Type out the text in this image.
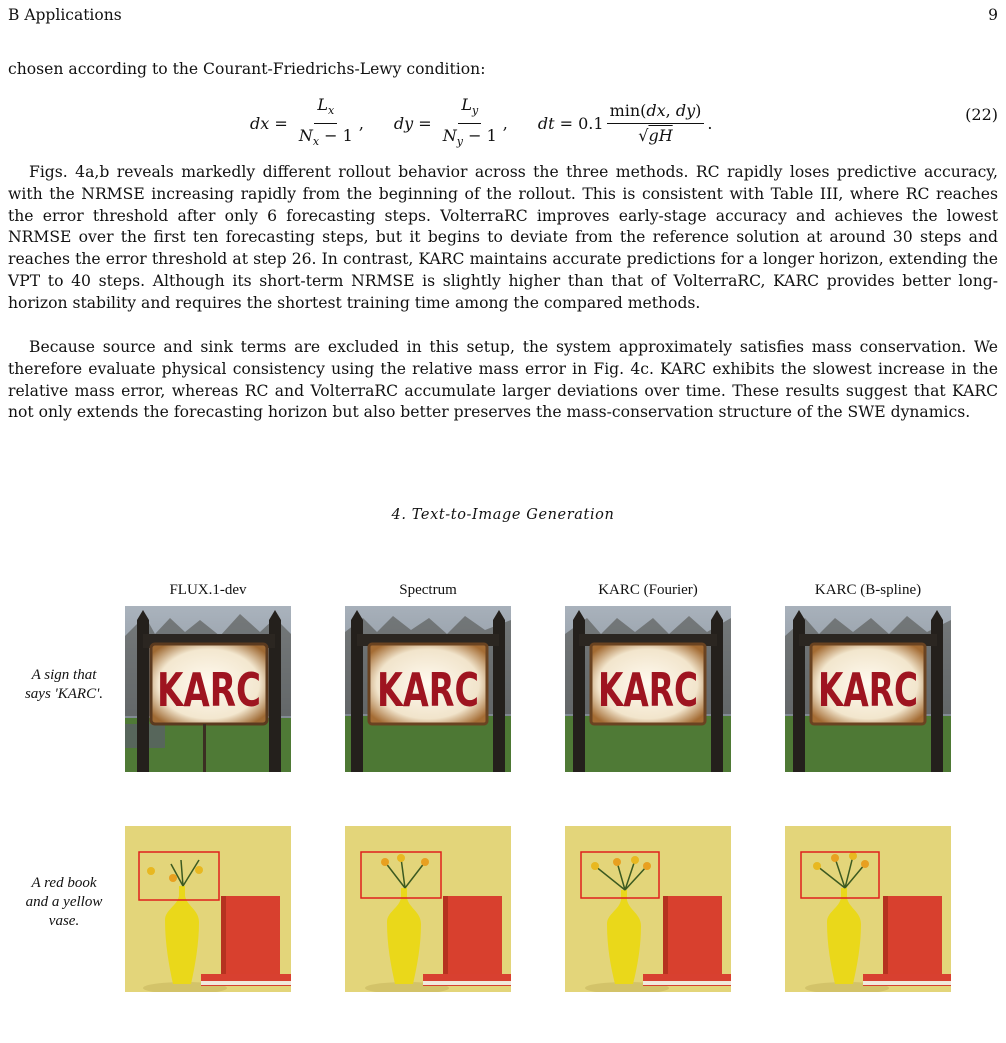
B Applications	9

chosen according to the Courant-Friedrichs-Lewy condition:

dx = $\frac{L_x}{N_x - 1}$ , dy = $\frac{L_y}{N_y - 1}$ , dt = $0.1 \frac{\min(dx, dy)}{√gH}$ .	(22)

Figs. 4a,b reveals markedly different rollout behavior across the three methods. RC rapidly loses predictive accuracy, with the NRMSE increasing rapidly from the beginning of the rollout. This is consistent with Table III, where RC reaches the error threshold after only 6 forecasting steps. VolterraRC improves early-stage accuracy and achieves the lowest NRMSE over the first ten forecasting steps, but it begins to deviate from the reference solution at around 30 steps and reaches the error threshold at step 26. In contrast, KARC maintains accurate predictions for a longer horizon, extending the VPT to 40 steps. Although its short-term NRMSE is slightly higher than that of VolterraRC, KARC provides better long-horizon stability and requires the shortest training time among the compared methods.

Because source and sink terms are excluded in this setup, the system approximately satisfies mass conservation. We therefore evaluate physical consistency using the relative mass error in Fig. 4c. KARC exhibits the slowest increase in the relative mass error, whereas RC and VolterraRC accumulate larger deviations over time. These results suggest that KARC not only extends the forecasting horizon but also better preserves the mass-conservation structure of the SWE dynamics.

4. Text-to-Image Generation
FLUX.1-dev	Spectrum	KARC (Fourier)	KARC (B-spline)
A sign that
says 'KARC'.
A red book
and a yellow
vase.
KARC	KARC	KARC	KARC
